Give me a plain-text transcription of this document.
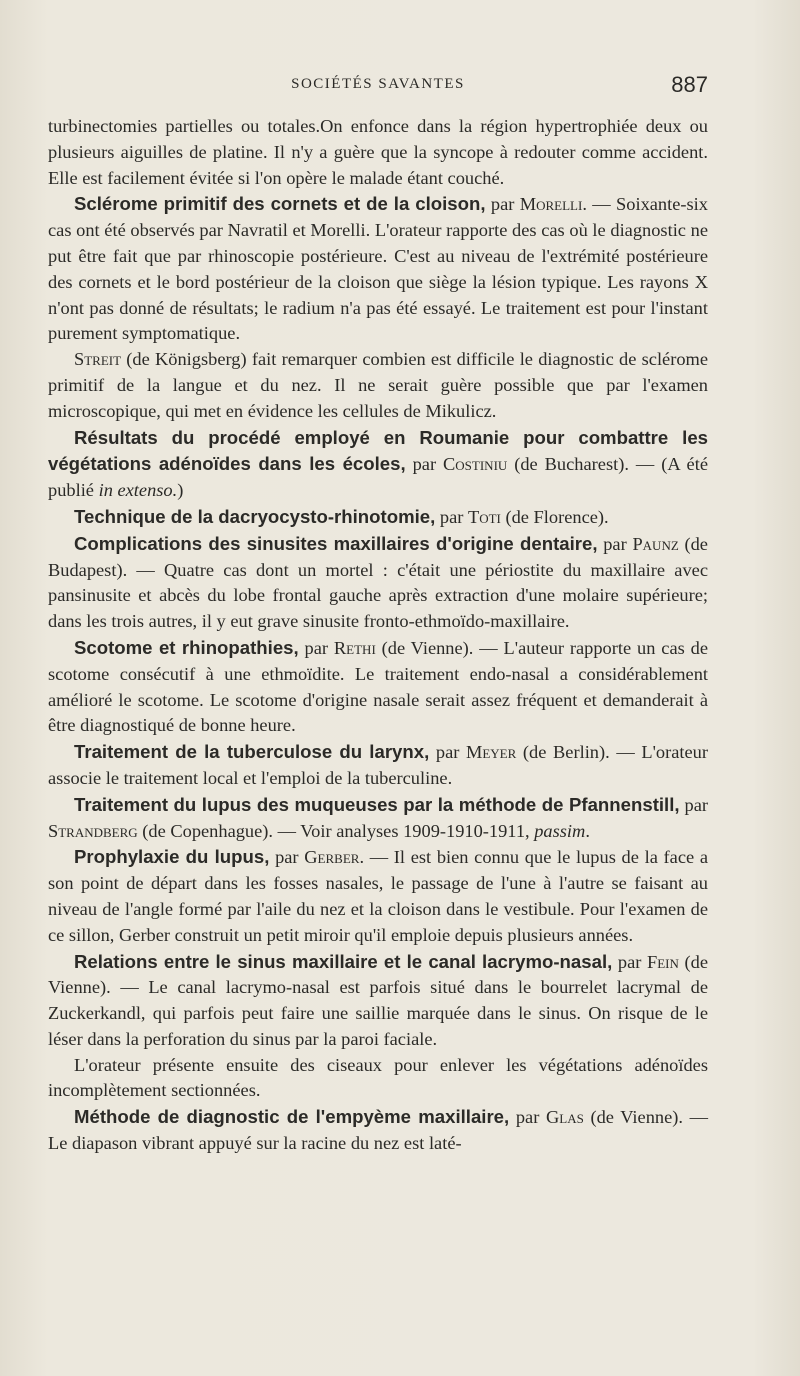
SOCIÉTÉS SAVANTES	887

turbinectomies partielles ou totales.On enfonce dans la région hypertrophiée deux ou plusieurs aiguilles de platine. Il n'y a guère que la syncope à redouter comme accident. Elle est facilement évitée si l'on opère le malade étant couché.

Sclérome primitif des cornets et de la cloison, par Morelli. — Soixante-six cas ont été observés par Navratil et Morelli. L'orateur rapporte des cas où le diagnostic ne put être fait que par rhinoscopie postérieure. C'est au niveau de l'extrémité postérieure des cornets et le bord postérieur de la cloison que siège la lésion typique. Les rayons X n'ont pas donné de résultats; le radium n'a pas été essayé. Le traitement est pour l'instant purement symptomatique.

Streit (de Königsberg) fait remarquer combien est difficile le diagnostic de sclérome primitif de la langue et du nez. Il ne serait guère possible que par l'examen microscopique, qui met en évidence les cellules de Mikulicz.

Résultats du procédé employé en Roumanie pour combattre les végétations adénoïdes dans les écoles, par Costiniu (de Bucharest). — (A été publié in extenso.)

Technique de la dacryocysto-rhinotomie, par Toti (de Florence).

Complications des sinusites maxillaires d'origine dentaire, par Paunz (de Budapest). — Quatre cas dont un mortel : c'était une périostite du maxillaire avec pansinusite et abcès du lobe frontal gauche après extraction d'une molaire supérieure; dans les trois autres, il y eut grave sinusite fronto-ethmoïdo-maxillaire.

Scotome et rhinopathies, par Rethi (de Vienne). — L'auteur rapporte un cas de scotome consécutif à une ethmoïdite. Le traitement endo-nasal a considérablement amélioré le scotome. Le scotome d'origine nasale serait assez fréquent et demanderait à être diagnostiqué de bonne heure.

Traitement de la tuberculose du larynx, par Meyer (de Berlin). — L'orateur associe le traitement local et l'emploi de la tuberculine.

Traitement du lupus des muqueuses par la méthode de Pfannenstill, par Strandberg (de Copenhague). — Voir analyses 1909-1910-1911, passim.

Prophylaxie du lupus, par Gerber. — Il est bien connu que le lupus de la face a son point de départ dans les fosses nasales, le passage de l'une à l'autre se faisant au niveau de l'angle formé par l'aile du nez et la cloison dans le vestibule. Pour l'examen de ce sillon, Gerber construit un petit miroir qu'il emploie depuis plusieurs années.

Relations entre le sinus maxillaire et le canal lacrymo-nasal, par Fein (de Vienne). — Le canal lacrymo-nasal est parfois situé dans le bourrelet lacrymal de Zuckerkandl, qui parfois peut faire une saillie marquée dans le sinus. On risque de le léser dans la perforation du sinus par la paroi faciale.

L'orateur présente ensuite des ciseaux pour enlever les végétations adénoïdes incomplètement sectionnées.

Méthode de diagnostic de l'empyème maxillaire, par Glas (de Vienne). — Le diapason vibrant appuyé sur la racine du nez est laté-
